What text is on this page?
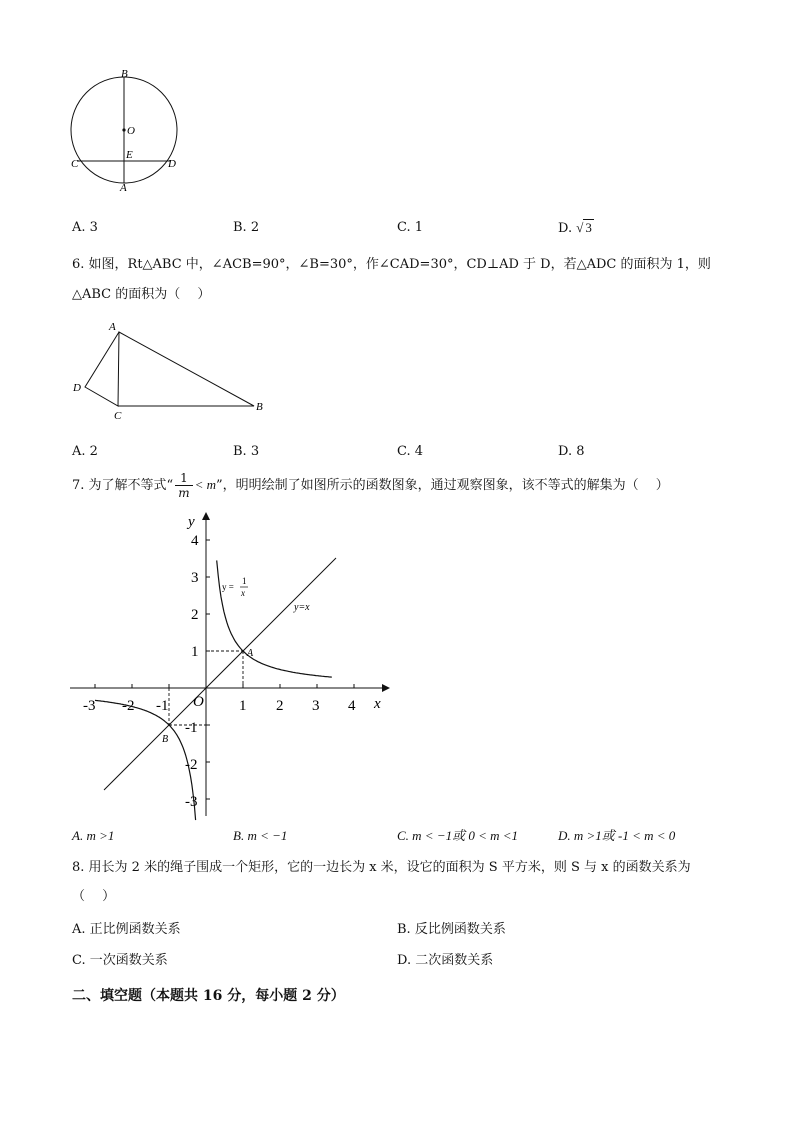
B
O
C
E
D
A
A. 3	B. 2	C. 1	D. √ 3
6. 如图，Rt△ABC 中，∠ACB=90°，∠B=30°，作∠CAD=30°，CD⊥AD 于 D，若△ADC 的面积为 1，则
△ABC 的面积为（　 ）
A
D
C
B
A. 2	B. 3	C. 4	D. 8
7. 为了解不等式“ $\frac{1}{m} < m$”，明明绘制了如图所示的函数图象，通过观察图象，该不等式的解集为（　 ）
-3 -2 -1	1 2 3 4
4
3
2
1
-1
-2
-3
y
x
O
y =
1
x
y=x
A
B
A. m >1	B. m < −1	C. m < −1或 0 < m <1	D. m >1或 -1 < m < 0
8. 用长为 2 米的绳子围成一个矩形，它的一边长为 x 米，设它的面积为 S 平方米，则 S 与 x 的函数关系为
（　 ）
A. 正比例函数关系	B. 反比例函数关系
C. 一次函数关系	D. 二次函数关系
二、填空题（本题共 16 分，每小题 2 分）
